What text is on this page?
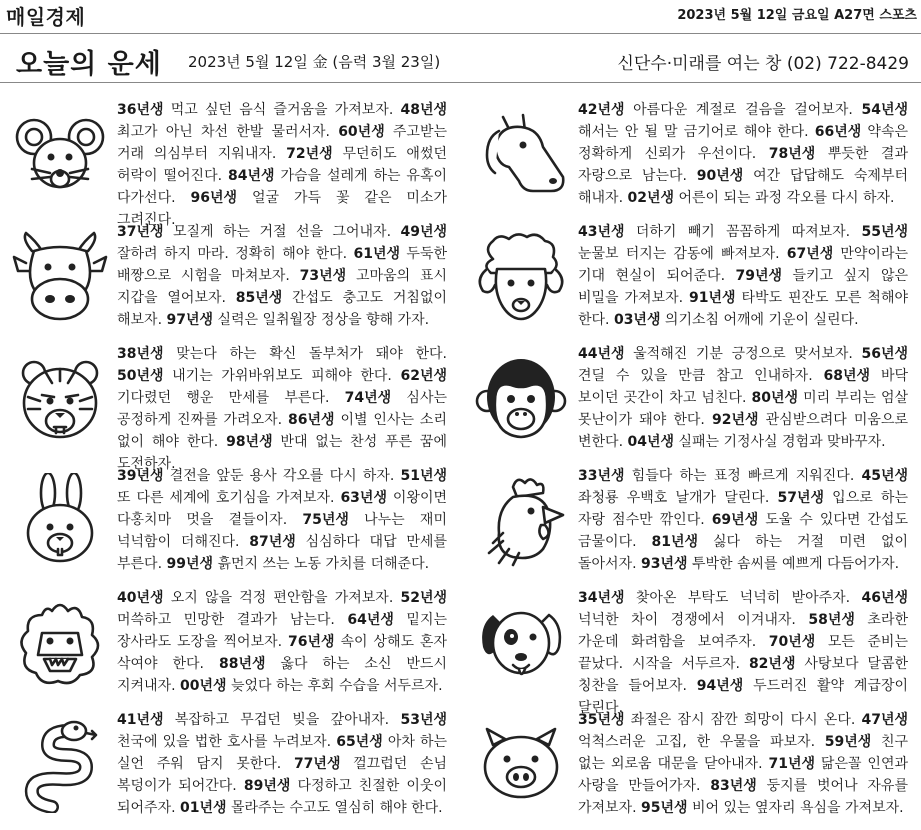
매일경제	2023년 5월 12일 금요일 A27면 스포츠
오늘의 운세 2023년 5월 12일 金 (음력 3월 23일)	신단수·미래를 여는 창 (02) 722-8429
36년생 먹고 싶던 음식 즐거움을 가져보자. 48년생 최고가 아닌 차선 한발 물러서자. 60년생 주고받는 거래 의심부터 지워내자. 72년생 무던히도 애썼던 허락이 떨어진다. 84년생 가슴을 설레게 하는 유혹이 다가선다. 96년생 얼굴 가득 꽃 같은 미소가 그려진다.
37년생 모질게 하는 거절 선을 그어내자. 49년생 잘하려 하지 마라. 정확히 해야 한다. 61년생 두둑한 배짱으로 시험을 마쳐보자. 73년생 고마움의 표시 지갑을 열어보자. 85년생 간섭도 충고도 거침없이 해보자. 97년생 실력은 일취월장 정상을 향해 가자.
38년생 맞는다 하는 확신 돌부처가 돼야 한다. 50년생 내기는 가위바위보도 피해야 한다. 62년생 기다렸던 행운 만세를 부른다. 74년생 심사는 공정하게 진짜를 가려오자. 86년생 이별 인사는 소리 없이 해야 한다. 98년생 반대 없는 찬성 푸른 꿈에 도전하자.
39년생 결전을 앞둔 용사 각오를 다시 하자. 51년생 또 다른 세계에 호기심을 가져보자. 63년생 이왕이면 다홍치마 멋을 곁들이자. 75년생 나누는 재미 넉넉함이 더해진다. 87년생 심심하다 대답 만세를 부른다. 99년생 흙먼지 쓰는 노동 가치를 더해준다.
40년생 오지 않을 걱정 편안함을 가져보자. 52년생 머쓱하고 민망한 결과가 남는다. 64년생 밑지는 장사라도 도장을 찍어보자. 76년생 속이 상해도 혼자 삭여야 한다. 88년생 옳다 하는 소신 반드시 지켜내자. 00년생 늦었다 하는 후회 수습을 서두르자.
41년생 복잡하고 무겁던 빚을 갚아내자. 53년생 천국에 있을 법한 호사를 누려보자. 65년생 아차 하는 실언 주워 담지 못한다. 77년생 껄끄럽던 손님 복덩이가 되어간다. 89년생 다정하고 친절한 이웃이 되어주자. 01년생 몰라주는 수고도 열심히 해야 한다.
42년생 아름다운 계절로 걸음을 걸어보자. 54년생 해서는 안 될 말 금기어로 해야 한다. 66년생 약속은 정확하게 신뢰가 우선이다. 78년생 뿌듯한 결과 자랑으로 남는다. 90년생 여간 답답해도 숙제부터 해내자. 02년생 어른이 되는 과정 각오를 다시 하자.
43년생 더하기 빼기 꼼꼼하게 따져보자. 55년생 눈물보 터지는 감동에 빠져보자. 67년생 만약이라는 기대 현실이 되어준다. 79년생 들키고 싶지 않은 비밀을 가져보자. 91년생 타박도 핀잔도 모른 척해야 한다. 03년생 의기소침 어깨에 기운이 실린다.
44년생 울적해진 기분 긍정으로 맞서보자. 56년생 견딜 수 있을 만큼 참고 인내하자. 68년생 바닥 보이던 곳간이 차고 넘친다. 80년생 미리 부리는 엄살 못난이가 돼야 한다. 92년생 관심받으려다 미움으로 변한다. 04년생 실패는 기정사실 경험과 맞바꾸자.
33년생 힘들다 하는 표정 빠르게 지워진다. 45년생 좌청룡 우백호 날개가 달린다. 57년생 입으로 하는 자랑 점수만 깎인다. 69년생 도울 수 있다면 간섭도 금물이다. 81년생 싫다 하는 거절 미련 없이 돌아서자. 93년생 투박한 솜씨를 예쁘게 다듬어가자.
34년생 찾아온 부탁도 넉넉히 받아주자. 46년생 넉넉한 차이 경쟁에서 이겨내자. 58년생 초라한 가운데 화려함을 보여주자. 70년생 모든 준비는 끝났다. 시작을 서두르자. 82년생 사탕보다 달콤한 칭찬을 들어보자. 94년생 두드러진 활약 계급장이 달린다.
35년생 좌절은 잠시 잠깐 희망이 다시 온다. 47년생 억척스러운 고집, 한 우물을 파보자. 59년생 친구 없는 외로움 대문을 닫아내자. 71년생 닮은꼴 인연과 사랑을 만들어가자. 83년생 둥지를 벗어나 자유를 가져보자. 95년생 비어 있는 옆자리 욕심을 가져보자.
